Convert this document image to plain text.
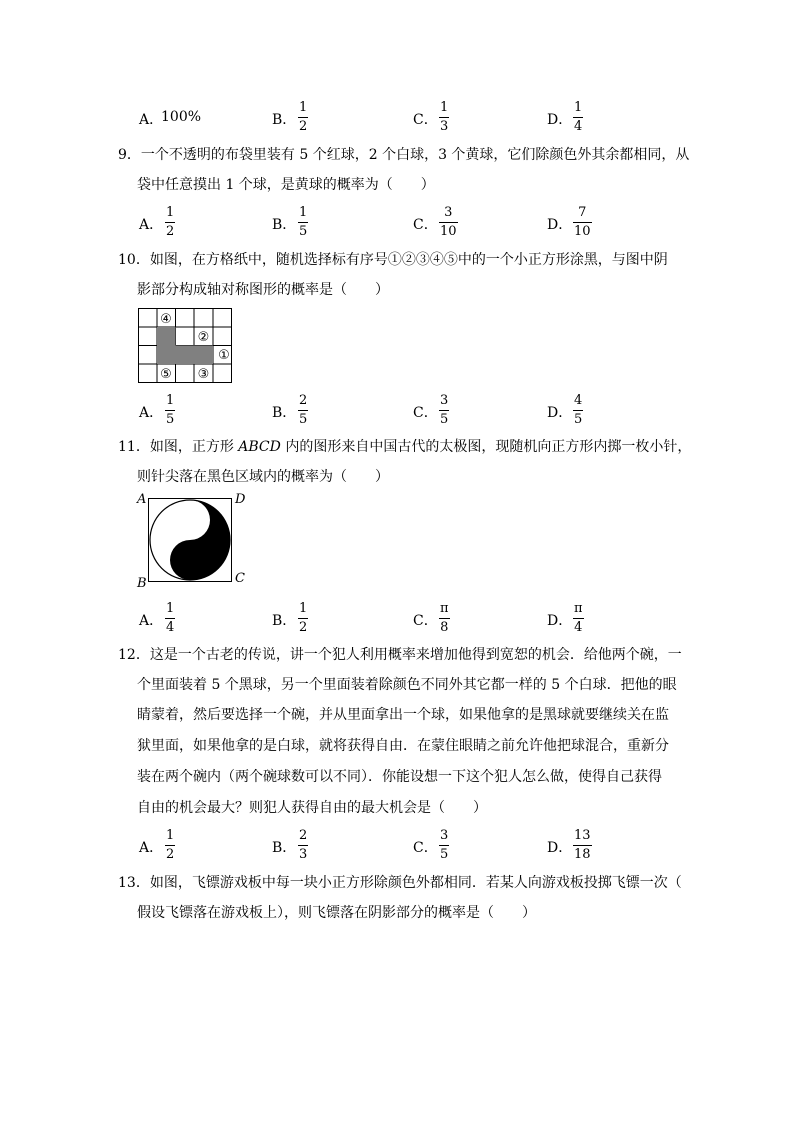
A．
100%	B．
1
2	C．
1
3	D．
1
4
9．一个不透明的布袋里装有 5 个红球，2 个白球，3 个黄球，它们除颜色外其余都相同，从
袋中任意摸出 1 个球，是黄球的概率为（　　）
A．
1
2	B．
1
5	C．
3
10	D．
7
10
10．如图，在方格纸中，随机选择标有序号①②③④⑤中的一个小正方形涂黑，与图中阴
影部分构成轴对称图形的概率是（　　）
④
②
①
⑤ ③
A．
1
5	B．
2
5	C．
3
5	D．
4
5
11．如图，正方形 ABCD 内的图形来自中国古代的太极图，现随机向正方形内掷一枚小针，
则针尖落在黑色区域内的概率为（　　）
A	D
B	C
A．
1
4	B．
1
2	C．
π
8	D．
π
4
12．这是一个古老的传说，讲一个犯人利用概率来增加他得到宽恕的机会．给他两个碗，一
个里面装着 5 个黑球，另一个里面装着除颜色不同外其它都一样的 5 个白球．把他的眼
睛蒙着，然后要选择一个碗，并从里面拿出一个球，如果他拿的是黑球就要继续关在监
狱里面，如果他拿的是白球，就将获得自由．在蒙住眼睛之前允许他把球混合，重新分
装在两个碗内（两个碗球数可以不同）．你能设想一下这个犯人怎么做，使得自己获得
自由的机会最大？则犯人获得自由的最大机会是（　　）
A．
1
2	B．
2
3	C．
3
5	D．
13
18
13．如图，飞镖游戏板中每一块小正方形除颜色外都相同．若某人向游戏板投掷飞镖一次（
假设飞镖落在游戏板上），则飞镖落在阴影部分的概率是（　　）
